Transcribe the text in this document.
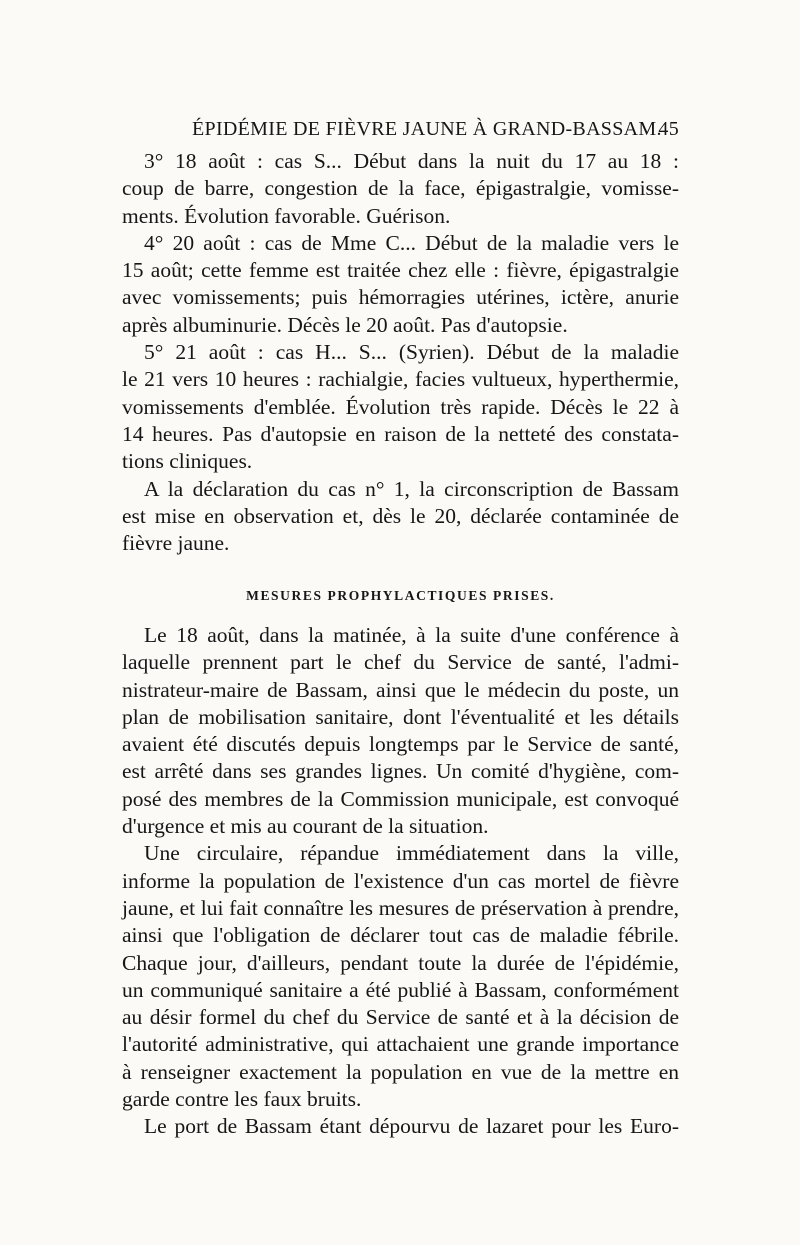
ÉPIDÉMIE DE FIÈVRE JAUNE À GRAND-BASSAM.
45
3° 18 août : cas S... Début dans la nuit du 17 au 18 :
coup de barre, congestion de la face, épigastralgie, vomisse-
ments. Évolution favorable. Guérison.
4° 20 août : cas de Mme C... Début de la maladie vers le
15 août; cette femme est traitée chez elle : fièvre, épigastralgie
avec vomissements; puis hémorragies utérines, ictère, anurie
après albuminurie. Décès le 20 août. Pas d'autopsie.
5° 21 août : cas H... S... (Syrien). Début de la maladie
le 21 vers 10 heures : rachialgie, facies vultueux, hyperthermie,
vomissements d'emblée. Évolution très rapide. Décès le 22 à
14 heures. Pas d'autopsie en raison de la netteté des constata-
tions cliniques.
A la déclaration du cas n° 1, la circonscription de Bassam
est mise en observation et, dès le 20, déclarée contaminée de
fièvre jaune.
MESURES PROPHYLACTIQUES PRISES.
Le 18 août, dans la matinée, à la suite d'une conférence à
laquelle prennent part le chef du Service de santé, l'admi-
nistrateur-maire de Bassam, ainsi que le médecin du poste, un
plan de mobilisation sanitaire, dont l'éventualité et les détails
avaient été discutés depuis longtemps par le Service de santé,
est arrêté dans ses grandes lignes. Un comité d'hygiène, com-
posé des membres de la Commission municipale, est convoqué
d'urgence et mis au courant de la situation.
Une circulaire, répandue immédiatement dans la ville,
informe la population de l'existence d'un cas mortel de fièvre
jaune, et lui fait connaître les mesures de préservation à prendre,
ainsi que l'obligation de déclarer tout cas de maladie fébrile.
Chaque jour, d'ailleurs, pendant toute la durée de l'épidémie,
un communiqué sanitaire a été publié à Bassam, conformément
au désir formel du chef du Service de santé et à la décision de
l'autorité administrative, qui attachaient une grande importance
à renseigner exactement la population en vue de la mettre en
garde contre les faux bruits.
Le port de Bassam étant dépourvu de lazaret pour les Euro-
